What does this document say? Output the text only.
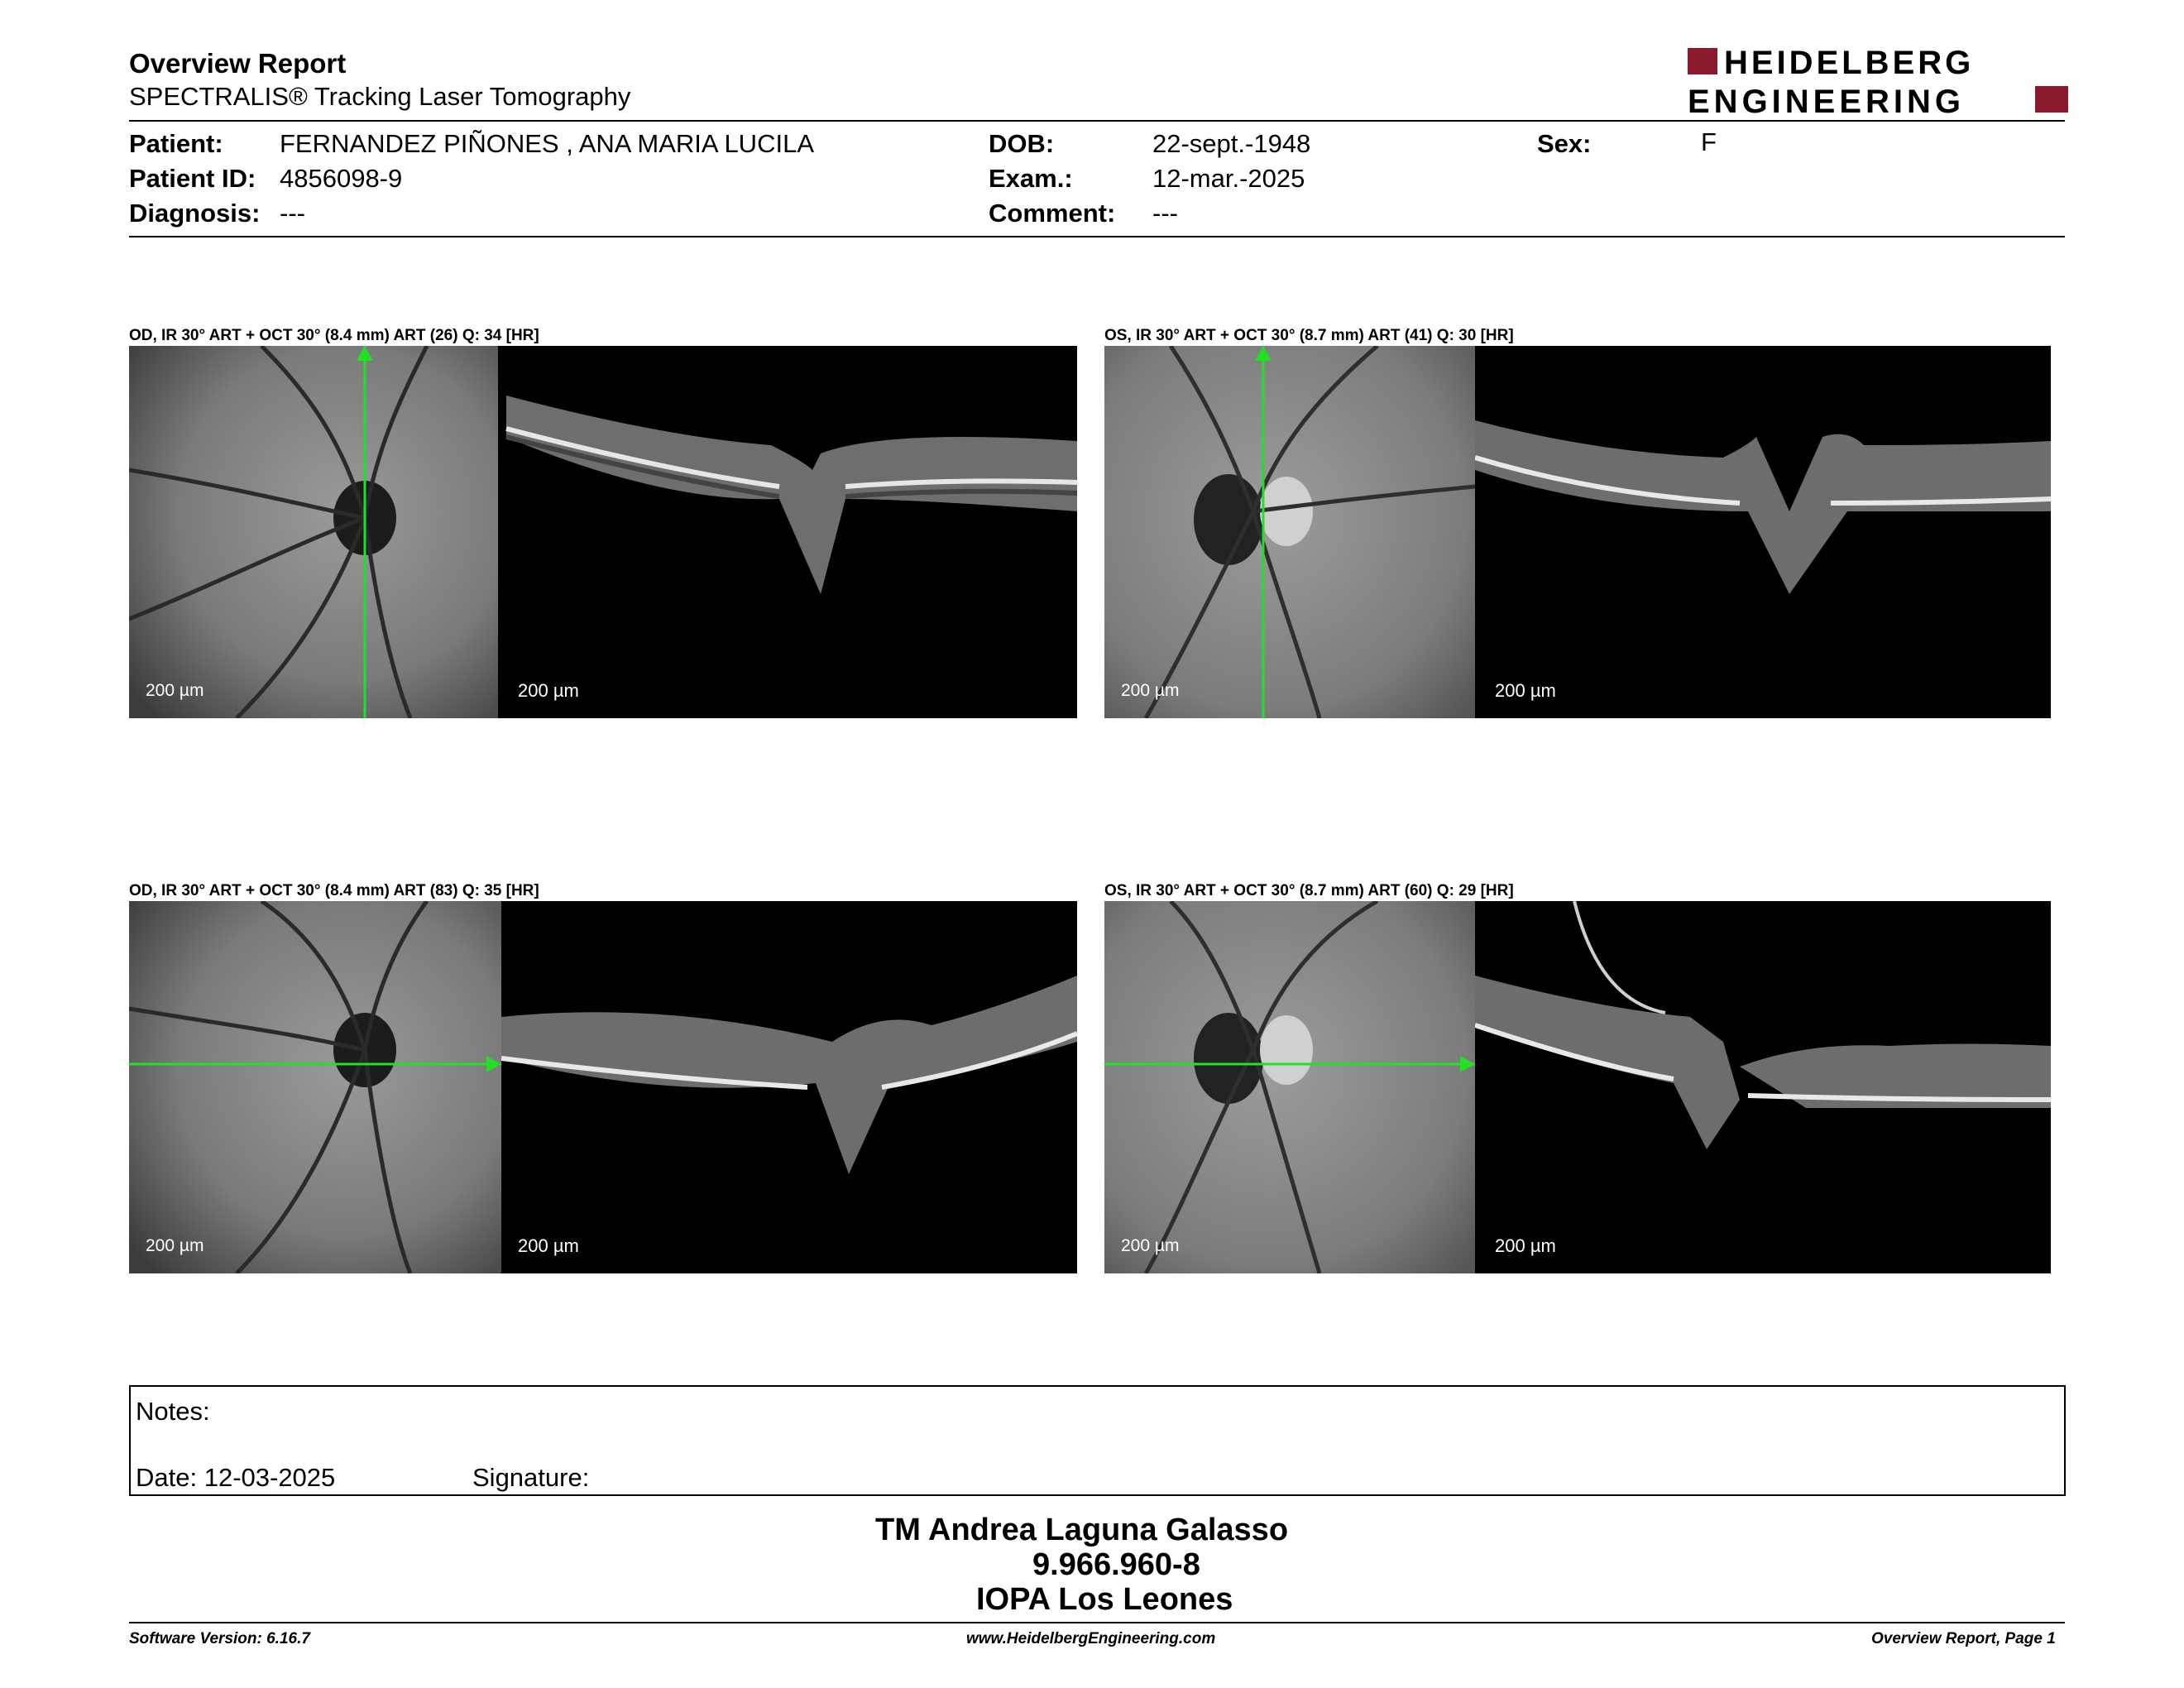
Overview Report
SPECTRALIS® Tracking Laser Tomography
HEIDELBERG
ENGINEERING
Patient: FERNANDEZ PIÑONES , ANA MARIA LUCILA
Patient ID: 4856098-9
Diagnosis: ---
DOB:	22-sept.-1948
Exam.:	12-mar.-2025
Comment: ---
Sex:	F
OD, IR 30° ART + OCT 30° (8.4 mm) ART (26) Q: 34 [HR]
200 µm	200 µm
OS, IR 30° ART + OCT 30° (8.7 mm) ART (41) Q: 30 [HR]
200 µm	200 µm
OD, IR 30° ART + OCT 30° (8.4 mm) ART (83) Q: 35 [HR]
200 µm	200 µm
OS, IR 30° ART + OCT 30° (8.7 mm) ART (60) Q: 29 [HR]
200 µm	200 µm
Notes:
Date: 12-03-2025	Signature:
TM Andrea Laguna Galasso
9.966.960-8
IOPA Los Leones
Software Version: 6.16.7	www.HeidelbergEngineering.com	Overview Report, Page 1
